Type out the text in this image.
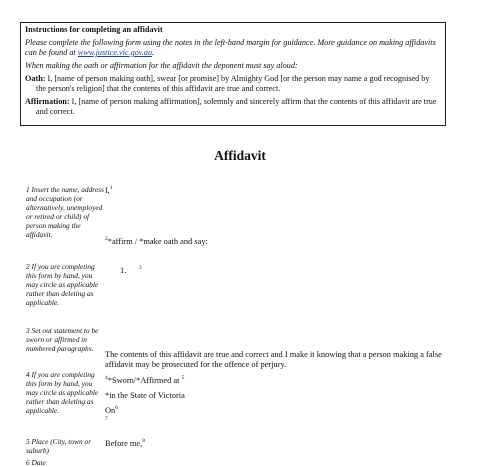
Instructions for completing an affidavit

Please complete the following form using the notes in the left-hand margin for guidance. More guidance on making affidavits can be found at www.justice.vic.gov.au.

When making the oath or affirmation for the affidavit the deponent must say aloud:

Oath: I, [name of person making oath], swear [or promise] by Almighty God [or the person may name a god recognised by the person's religion] that the contents of this affidavit are true and correct.

Affirmation: I, [name of person making affirmation], solemnly and sincerely affirm that the contents of this affidavit are true and correct.

Affidavit
1 Insert the name, address and occupation (or alternatively, unemployed or retired or child) of person making the affidavit.
2 If you are completing this form by hand, you may circle as applicable rather than deleting as applicable.
3 Set out statement to be sworn or affirmed in numbered paragraphs.
4 If you are completing this form by hand, you may circle as applicable rather than deleting as applicable.
5 Place (City, town or suburb)
6 Date
I,$^1$
$^2$*affirm / *make oath and say:
1. $^3$
The contents of this affidavit are true and correct and I make it knowing that a person making a false affidavit may be prosecuted for the offence of perjury.
$^4$*Sworn/*Affirmed at $^5$
*in the State of Victoria
On$^6$
$^7$
Before me,$^8$
